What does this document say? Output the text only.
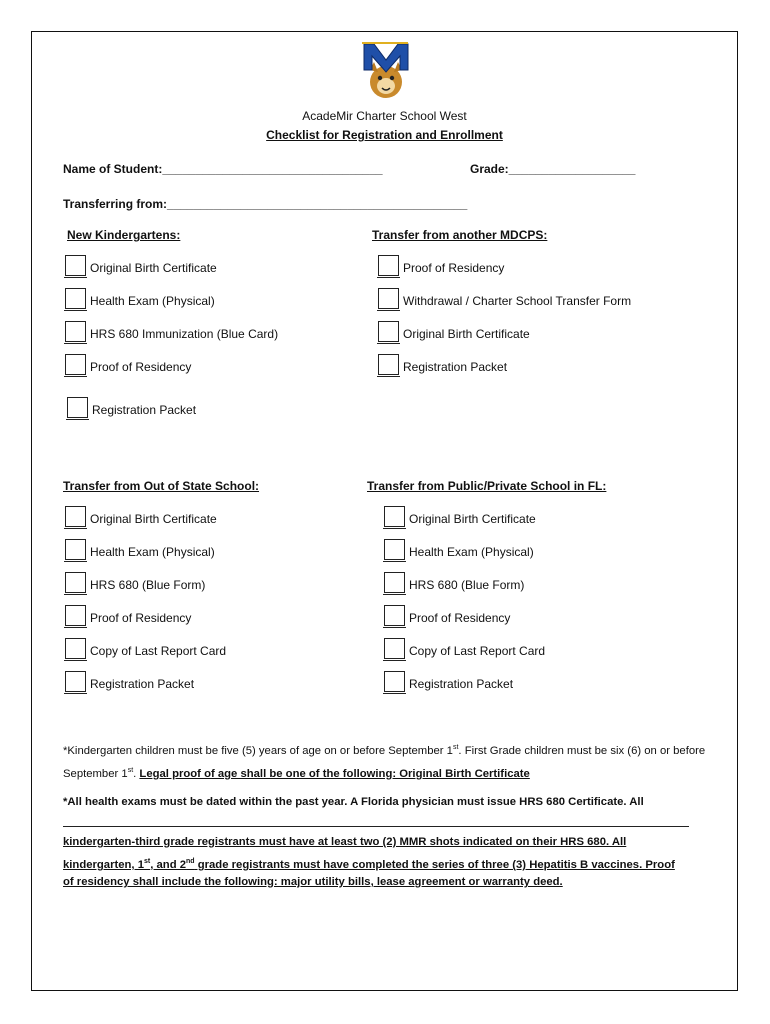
AcadeMir Charter School West
Checklist for Registration and Enrollment
Name of Student:_________________________________	Grade:___________________
Transferring from:_____________________________________________
New Kindergartens:
Original Birth Certificate
Health Exam (Physical)
HRS 680 Immunization (Blue Card)
Proof of Residency
Registration Packet
Transfer from another MDCPS:
Proof of Residency
Withdrawal / Charter School Transfer Form
Original Birth Certificate
Registration Packet
Transfer from Out of State School:
Original Birth Certificate
Health Exam (Physical)
HRS 680 (Blue Form)
Proof of Residency
Copy of Last Report Card
Registration Packet
Transfer from Public/Private School in FL:
Original Birth Certificate
Health Exam (Physical)
HRS 680 (Blue Form)
Proof of Residency
Copy of Last Report Card
Registration Packet
*Kindergarten children must be five (5) years of age on or before September 1st. First Grade children must be six (6) on or before September 1st. Legal proof of age shall be one of the following: Original Birth Certificate
*All health exams must be dated within the past year. A Florida physician must issue HRS 680 Certificate. All
kindergarten-third grade registrants must have at least two (2) MMR shots indicated on their HRS 680. All
kindergarten, 1st, and 2nd grade registrants must have completed the series of three (3) Hepatitis B vaccines. Proof
of residency shall include the following: major utility bills, lease agreement or warranty deed.
